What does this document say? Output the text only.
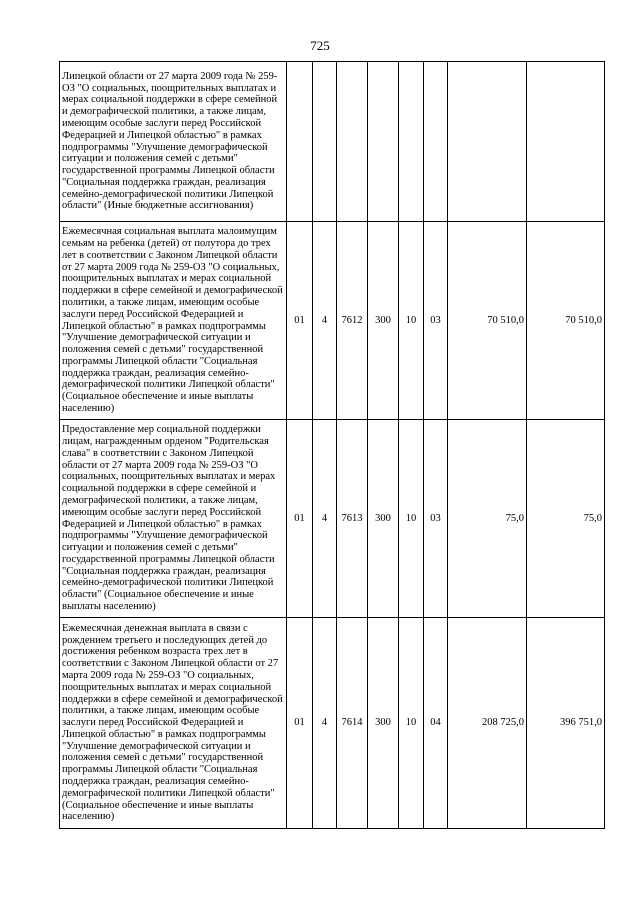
725
Липецкой области от 27 марта 2009 года № 259-ОЗ "О социальных, поощрительных выплатах и мерах социальной поддержки в сфере семейной и демографической политики, а также лицам, имеющим особые заслуги перед Российской Федерацией и Липецкой областью" в рамках подпрограммы "Улучшение демографической ситуации и положения семей с детьми" государственной программы Липецкой области "Социальная поддержка граждан, реализация семейно-демографической политики Липецкой области" (Иные бюджетные ассигнования)								
Ежемесячная социальная выплата малоимущим семьям на ребенка (детей) от полутора до трех лет в соответствии с Законом Липецкой области от 27 марта 2009 года № 259-ОЗ "О социальных, поощрительных выплатах и мерах социальной поддержки в сфере семейной и демографической политики, а также лицам, имеющим особые заслуги перед Российской Федерацией и Липецкой областью" в рамках подпрограммы "Улучшение демографической ситуации и положения семей с детьми" государственной программы Липецкой области "Социальная поддержка граждан, реализация семейно-демографической политики Липецкой области" (Социальное обеспечение и иные выплаты населению)	01	4	7612	300	10	03	70 510,0	70 510,0
Предоставление мер социальной поддержки лицам, награжденным орденом "Родительская слава" в соответствии с Законом Липецкой области от 27 марта 2009 года № 259-ОЗ "О социальных, поощрительных выплатах и мерах социальной поддержки в сфере семейной и демографической политики, а также лицам, имеющим особые заслуги перед Российской Федерацией и Липецкой областью" в рамках подпрограммы "Улучшение демографической ситуации и положения семей с детьми" государственной программы Липецкой области "Социальная поддержка граждан, реализация семейно-демографической политики Липецкой области" (Социальное обеспечение и иные выплаты населению)	01	4	7613	300	10	03	75,0	75,0
Ежемесячная денежная выплата в связи с рождением третьего и последующих детей до достижения ребенком возраста трех лет в соответствии с Законом Липецкой области от 27 марта 2009 года № 259-ОЗ "О социальных, поощрительных выплатах и мерах социальной поддержки в сфере семейной и демографической политики, а также лицам, имеющим особые заслуги перед Российской Федерацией и Липецкой областью" в рамках подпрограммы "Улучшение демографической ситуации и положения семей с детьми" государственной программы Липецкой области "Социальная поддержка граждан, реализация семейно-демографической политики Липецкой области" (Социальное обеспечение и иные выплаты населению)	01	4	7614	300	10	04	208 725,0	396 751,0
